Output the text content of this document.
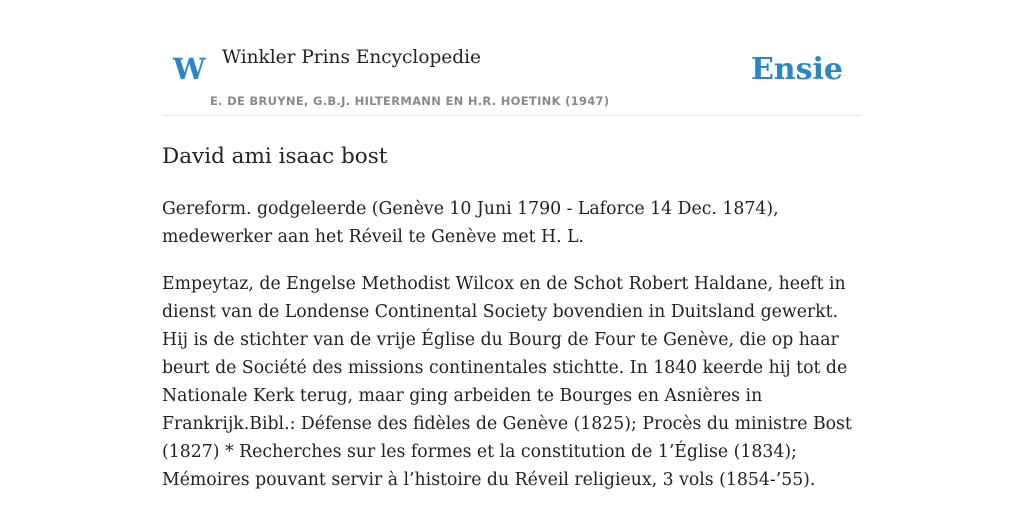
W Winkler Prins Encyclopedie
E. DE BRUYNE, G.B.J. HILTERMANN EN H.R. HOETINK (1947)
Ensie
David ami isaac bost

Gereform. godgeleerde (Genève 10 Juni 1790 - Laforce 14 Dec. 1874), medewerker aan het Réveil te Genève met H. L.

Empeytaz, de Engelse Methodist Wilcox en de Schot Robert Haldane, heeft in dienst van de Londense Continental Society bovendien in Duitsland gewerkt. Hij is de stichter van de vrije Église du Bourg de Four te Genève, die op haar beurt de Société des missions continentales stichtte. In 1840 keerde hij tot de Nationale Kerk terug, maar ging arbeiden te Bourges en Asnières in Frankrijk.Bibl.: Défense des fidèles de Genève (1825); Procès du ministre Bost (1827) * Recherches sur les formes et la constitution de 1’Église (1834); Mémoires pouvant servir à l’histoire du Réveil religieux, 3 vols (1854-’55).
